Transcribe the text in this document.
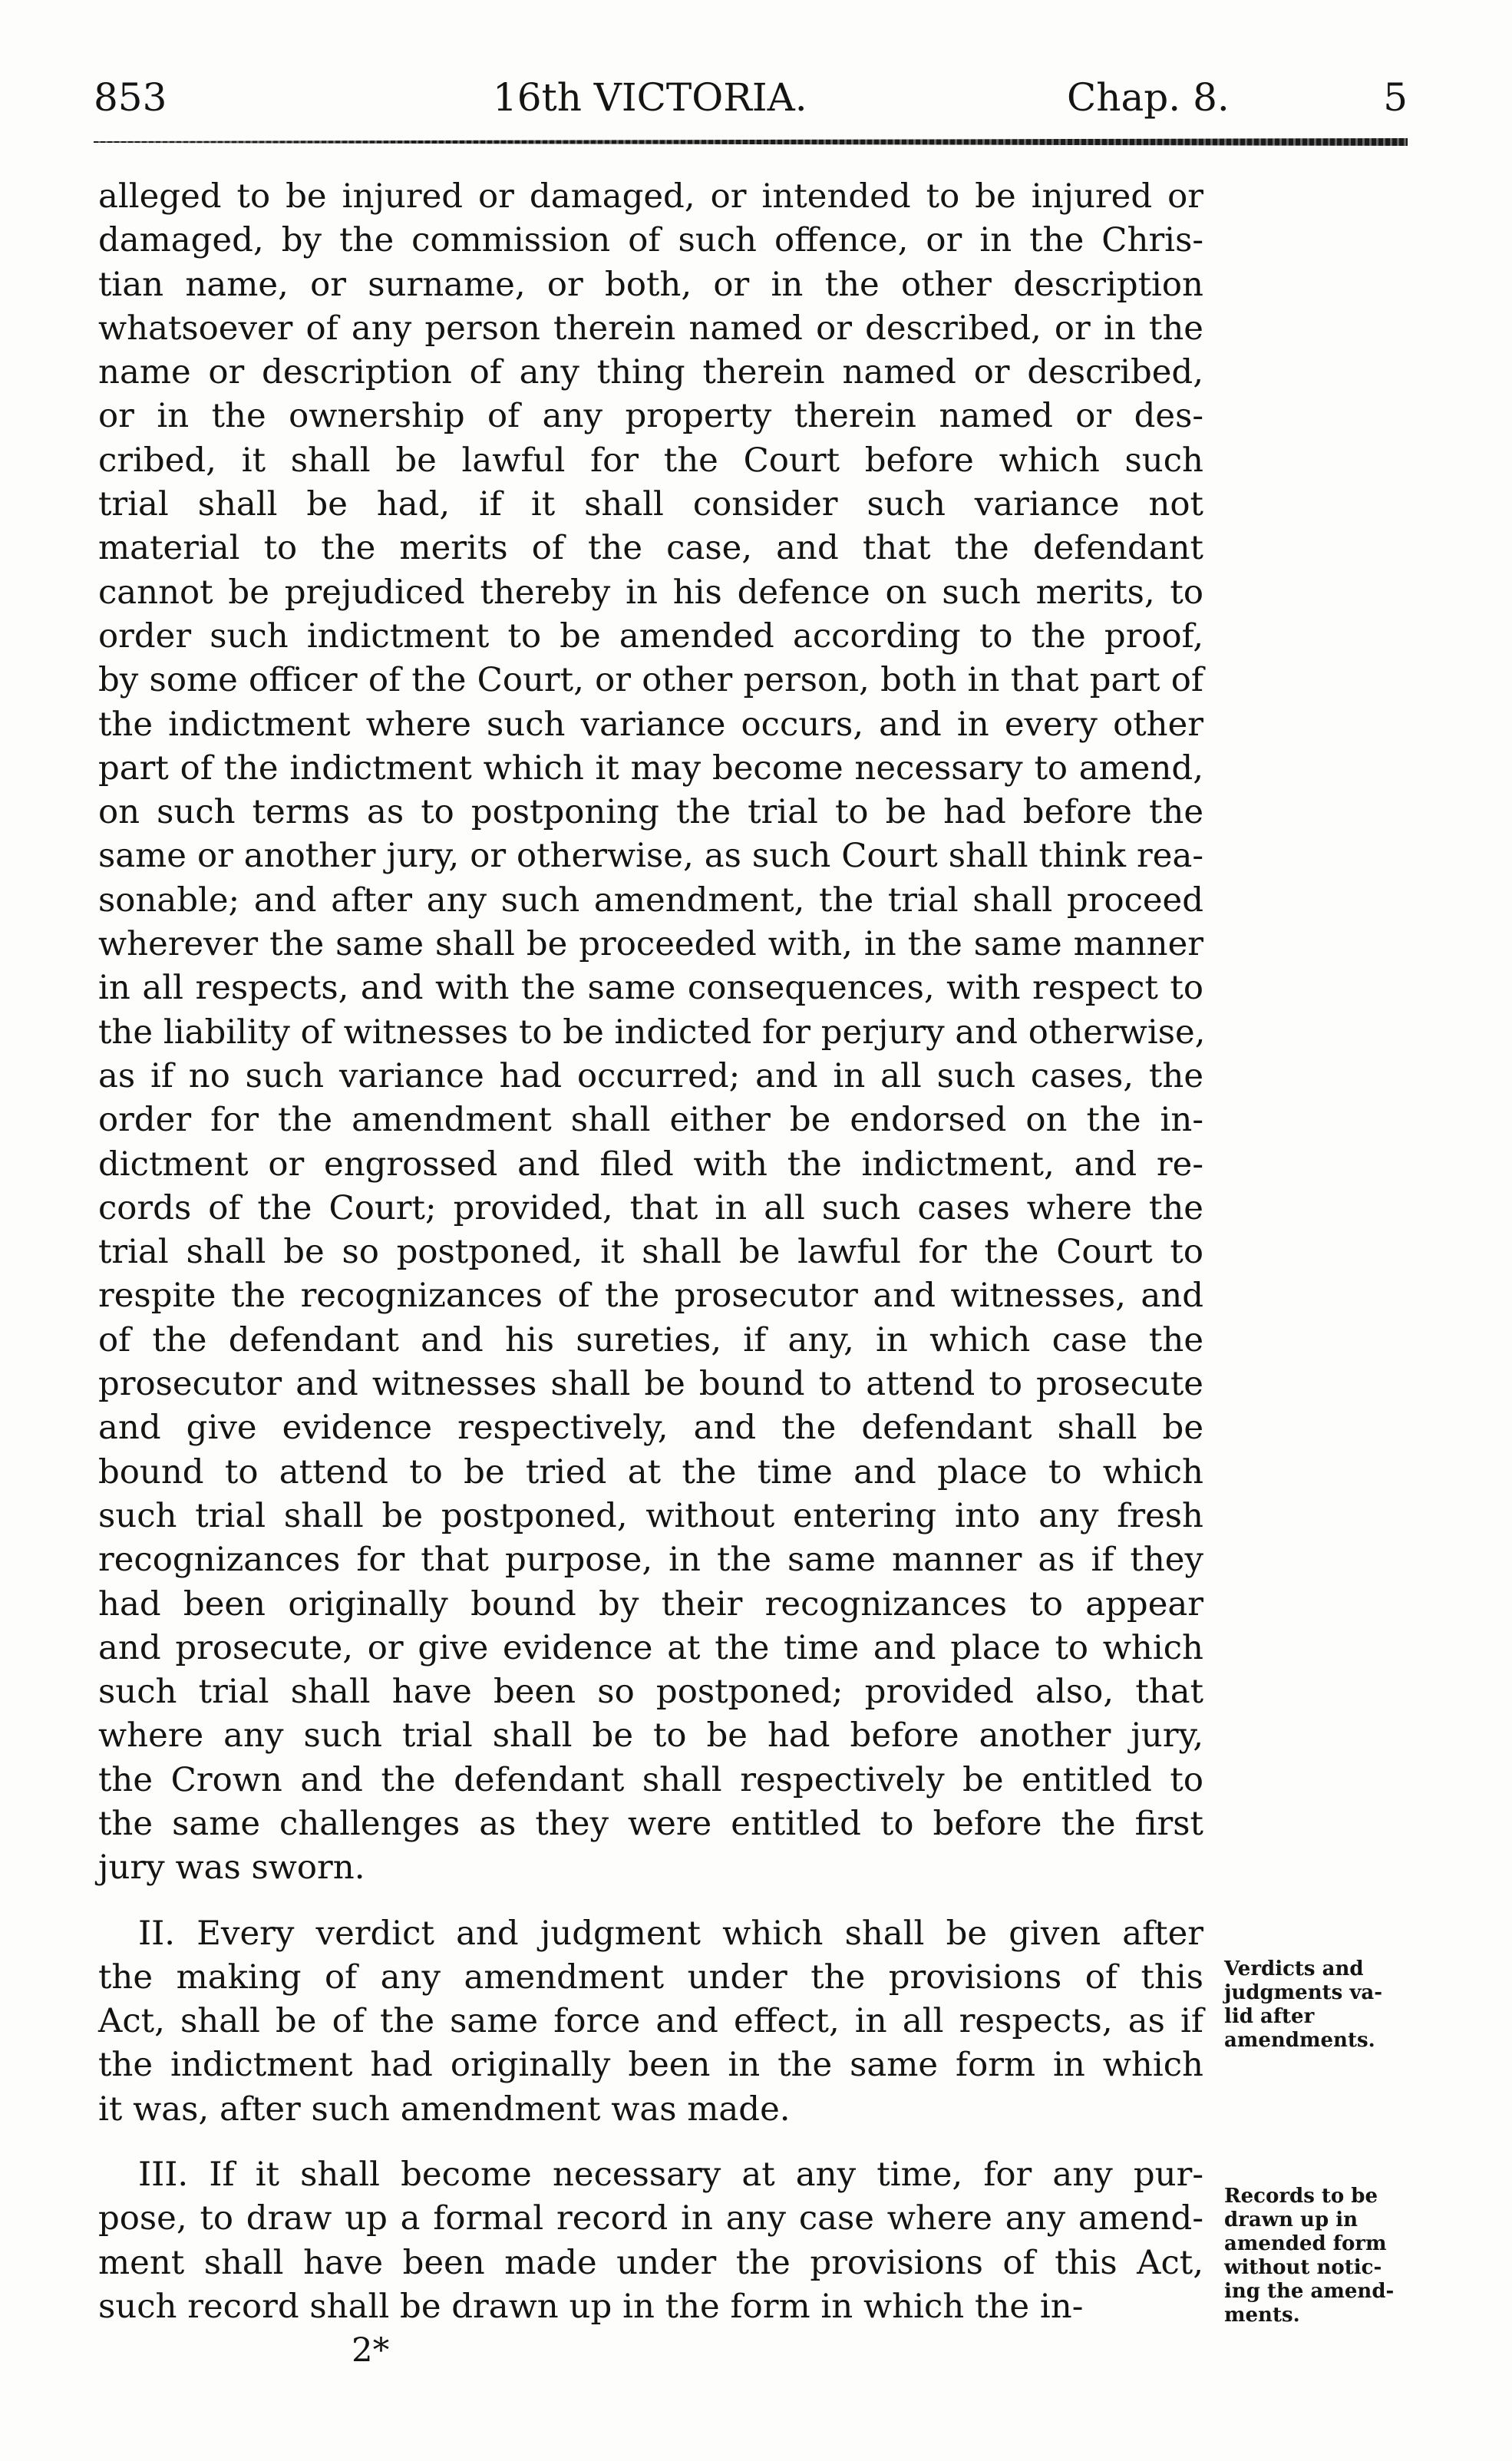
853	16th VICTORIA.	Chap. 8.	5
alleged to be injured or damaged, or intended to be injured or
damaged, by the commission of such offence, or in the Chris-
tian name, or surname, or both, or in the other description
whatsoever of any person therein named or described, or in the
name or description of any thing therein named or described,
or in the ownership of any property therein named or des-
cribed, it shall be lawful for the Court before which such
trial shall be had, if it shall consider such variance not
material to the merits of the case, and that the defendant
cannot be prejudiced thereby in his defence on such merits, to
order such indictment to be amended according to the proof,
by some officer of the Court, or other person, both in that part of
the indictment where such variance occurs, and in every other
part of the indictment which it may become necessary to amend,
on such terms as to postponing the trial to be had before the
same or another jury, or otherwise, as such Court shall think rea-
sonable; and after any such amendment, the trial shall proceed
wherever the same shall be proceeded with, in the same manner
in all respects, and with the same consequences, with respect to
the liability of witnesses to be indicted for perjury and otherwise,
as if no such variance had occurred; and in all such cases, the
order for the amendment shall either be endorsed on the in-
dictment or engrossed and filed with the indictment, and re-
cords of the Court; provided, that in all such cases where the
trial shall be so postponed, it shall be lawful for the Court to
respite the recognizances of the prosecutor and witnesses, and
of the defendant and his sureties, if any, in which case the
prosecutor and witnesses shall be bound to attend to prosecute
and give evidence respectively, and the defendant shall be
bound to attend to be tried at the time and place to which
such trial shall be postponed, without entering into any fresh
recognizances for that purpose, in the same manner as if they
had been originally bound by their recognizances to appear
and prosecute, or give evidence at the time and place to which
such trial shall have been so postponed; provided also, that
where any such trial shall be to be had before another jury,
the Crown and the defendant shall respectively be entitled to
the same challenges as they were entitled to before the first
jury was sworn.
II. Every verdict and judgment which shall be given after
the making of any amendment under the provisions of this
Act, shall be of the same force and effect, in all respects, as if
the indictment had originally been in the same form in which
it was, after such amendment was made.
III. If it shall become necessary at any time, for any pur-
pose, to draw up a formal record in any case where any amend-
ment shall have been made under the provisions of this Act,
such record shall be drawn up in the form in which the in-
2*
Verdicts and
judgments va-
lid after
amendments.
Records to be
drawn up in
amended form
without notic-
ing the amend-
ments.
